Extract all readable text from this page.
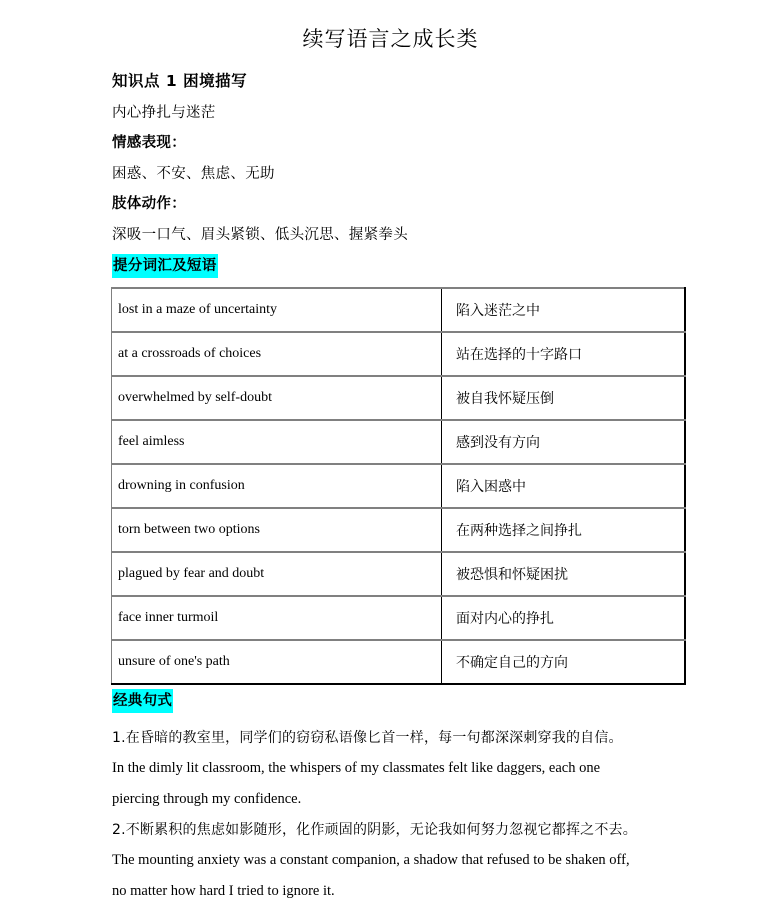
续写语言之成长类
知识点 1 困境描写
内心挣扎与迷茫
情感表现：
困惑、不安、焦虑、无助
肢体动作：
深吸一口气、眉头紧锁、低头沉思、握紧拳头
提分词汇及短语
lost in a maze of uncertainty	陷入迷茫之中
at a crossroads of choices	站在选择的十字路口
overwhelmed by self-doubt	被自我怀疑压倒
feel aimless	感到没有方向
drowning in confusion	陷入困惑中
torn between two options	在两种选择之间挣扎
plagued by fear and doubt	被恐惧和怀疑困扰
face inner turmoil	面对内心的挣扎
unsure of one's path	不确定自己的方向
经典句式
1.在昏暗的教室里，同学们的窃窃私语像匕首一样，每一句都深深刺穿我的自信。
In the dimly lit classroom, the whispers of my classmates felt like daggers, each one piercing through my confidence.
2.不断累积的焦虑如影随形，化作顽固的阴影，无论我如何努力忽视它都挥之不去。
The mounting anxiety was a constant companion, a shadow that refused to be shaken off, no matter how hard I tried to ignore it.
